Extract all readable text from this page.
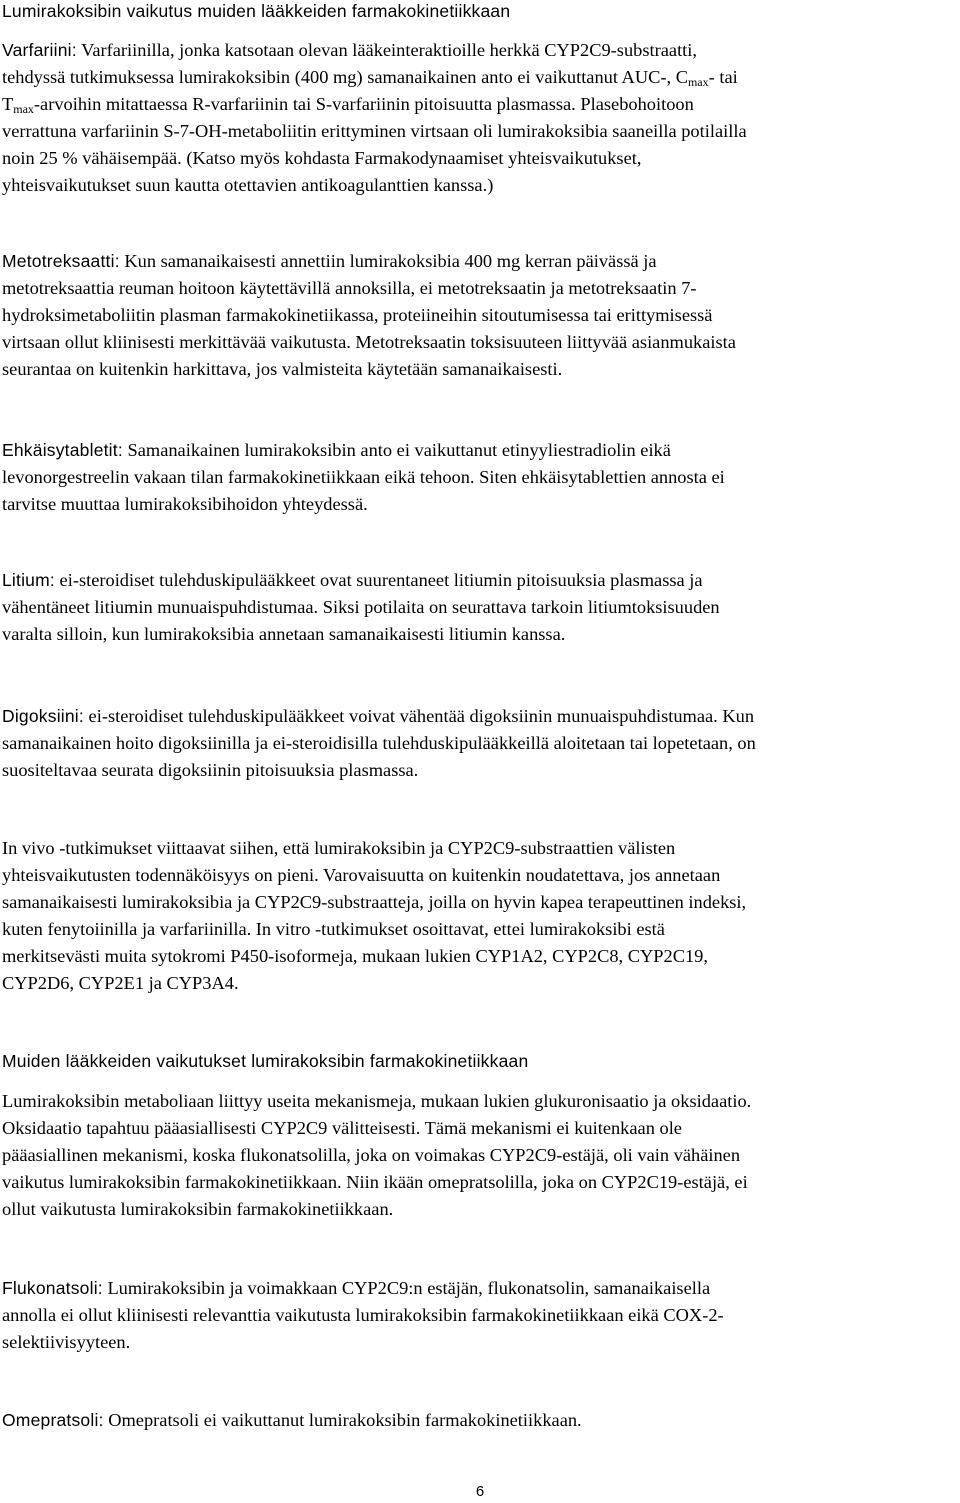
Lumirakoksibin vaikutus muiden lääkkeiden farmakokinetiikkaan
Varfariini: Varfariinilla, jonka katsotaan olevan lääkeinteraktioille herkkä CYP2C9-substraatti,
tehdyssä tutkimuksessa lumirakoksibin (400 mg) samanaikainen anto ei vaikuttanut AUC-, $C_{max}-$ tai
$T_{max}$-arvoihin mitattaessa R-varfariinin tai S-varfariinin pitoisuutta plasmassa. Plasebohoitoon
verrattuna varfariinin S-7-OH-metaboliitin erittyminen virtsaan oli lumirakoksibia saaneilla potilailla
noin 25 % vähäisempää. (Katso myös kohdasta Farmakodynaamiset yhteisvaikutukset,
yhteisvaikutukset suun kautta otettavien antikoagulanttien kanssa.)
Metotreksaatti: Kun samanaikaisesti annettiin lumirakoksibia 400 mg kerran päivässä ja
metotreksaattia reuman hoitoon käytettävillä annoksilla, ei metotreksaatin ja metotreksaatin 7-
hydroksimetaboliitin plasman farmakokinetiikassa, proteiineihin sitoutumisessa tai erittymisessä
virtsaan ollut kliinisesti merkittävää vaikutusta. Metotreksaatin toksisuuteen liittyvää asianmukaista
seurantaa on kuitenkin harkittava, jos valmisteita käytetään samanaikaisesti.
Ehkäisytabletit: Samanaikainen lumirakoksibin anto ei vaikuttanut etinyyliestradiolin eikä
levonorgestreelin vakaan tilan farmakokinetiikkaan eikä tehoon. Siten ehkäisytablettien annosta ei
tarvitse muuttaa lumirakoksibihoidon yhteydessä.
Litium: ei-steroidiset tulehduskipulääkkeet ovat suurentaneet litiumin pitoisuuksia plasmassa ja
vähentäneet litiumin munuaispuhdistumaa. Siksi potilaita on seurattava tarkoin litiumtoksisuuden
varalta silloin, kun lumirakoksibia annetaan samanaikaisesti litiumin kanssa.
Digoksiini: ei-steroidiset tulehduskipulääkkeet voivat vähentää digoksiinin munuaispuhdistumaa. Kun
samanaikainen hoito digoksiinilla ja ei-steroidisilla tulehduskipulääkkeillä aloitetaan tai lopetetaan, on
suositeltavaa seurata digoksiinin pitoisuuksia plasmassa.
In vivo -tutkimukset viittaavat siihen, että lumirakoksibin ja CYP2C9-substraattien välisten
yhteisvaikutusten todennäköisyys on pieni. Varovaisuutta on kuitenkin noudatettava, jos annetaan
samanaikaisesti lumirakoksibia ja CYP2C9-substraatteja, joilla on hyvin kapea terapeuttinen indeksi,
kuten fenytoiinilla ja varfariinilla. In vitro -tutkimukset osoittavat, ettei lumirakoksibi estä
merkitsevästi muita sytokromi P450-isoformeja, mukaan lukien CYP1A2, CYP2C8, CYP2C19,
CYP2D6, CYP2E1 ja CYP3A4.
Muiden lääkkeiden vaikutukset lumirakoksibin farmakokinetiikkaan
Lumirakoksibin metaboliaan liittyy useita mekanismeja, mukaan lukien glukuronisaatio ja oksidaatio.
Oksidaatio tapahtuu pääasiallisesti CYP2C9 välitteisesti. Tämä mekanismi ei kuitenkaan ole
pääasiallinen mekanismi, koska flukonatsolilla, joka on voimakas CYP2C9-estäjä, oli vain vähäinen
vaikutus lumirakoksibin farmakokinetiikkaan. Niin ikään omepratsolilla, joka on CYP2C19-estäjä, ei
ollut vaikutusta lumirakoksibin farmakokinetiikkaan.
Flukonatsoli: Lumirakoksibin ja voimakkaan CYP2C9:n estäjän, flukonatsolin, samanaikaisella
annolla ei ollut kliinisesti relevanttia vaikutusta lumirakoksibin farmakokinetiikkaan eikä COX-2-
selektiivisyyteen.
Omepratsoli: Omepratsoli ei vaikuttanut lumirakoksibin farmakokinetiikkaan.
6
